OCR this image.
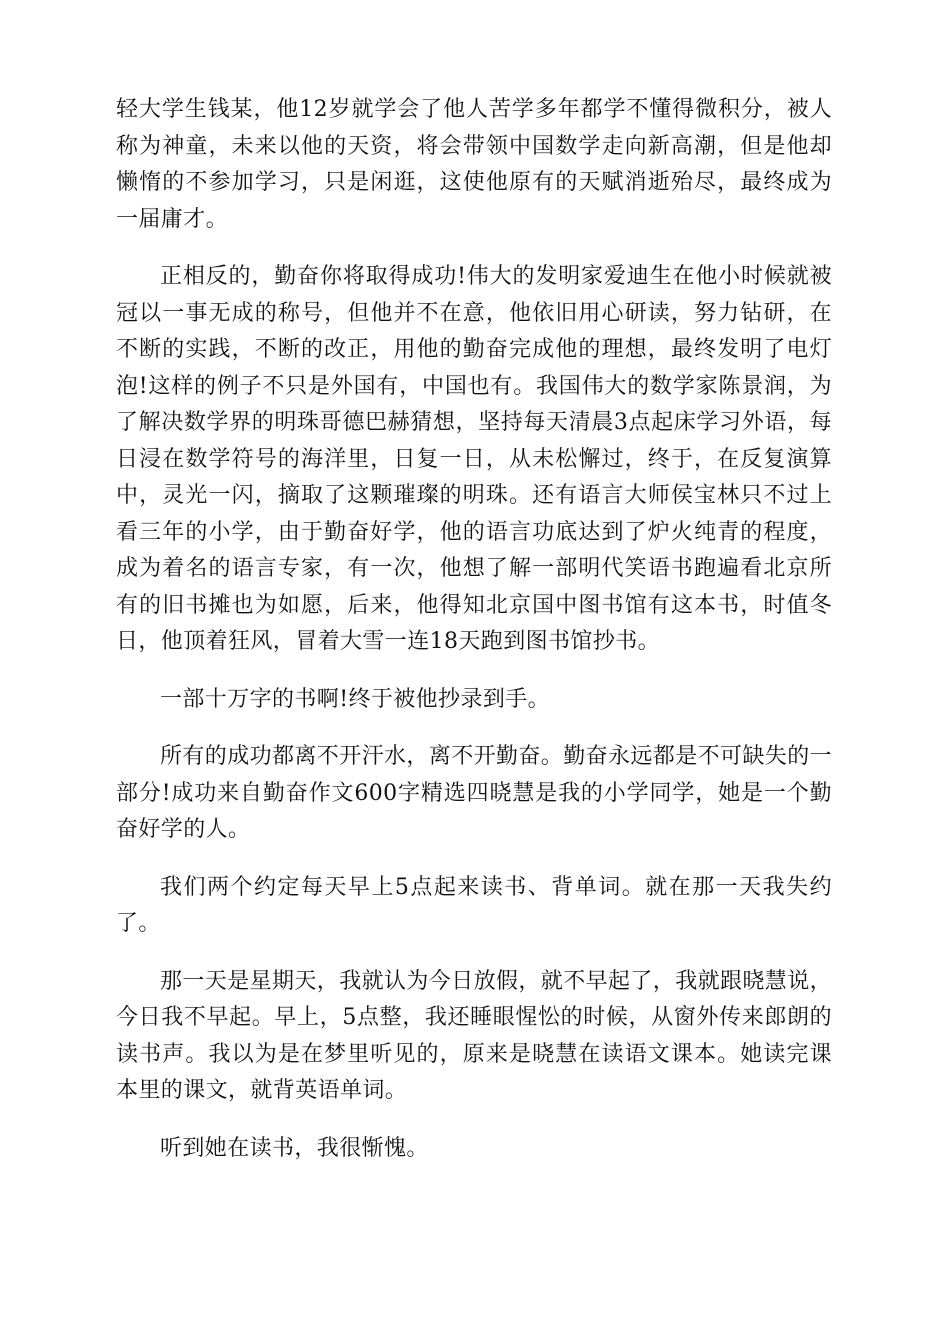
轻大学生钱某，他12岁就学会了他人苦学多年都学不懂得微积分，被人称为神童，未来以他的天资，将会带领中国数学走向新高潮，但是他却懒惰的不参加学习，只是闲逛，这使他原有的天赋消逝殆尽，最终成为一届庸才。

正相反的，勤奋你将取得成功!伟大的发明家爱迪生在他小时候就被冠以一事无成的称号，但他并不在意，他依旧用心研读，努力钻研，在不断的实践，不断的改正，用他的勤奋完成他的理想，最终发明了电灯泡!这样的例子不只是外国有，中国也有。我国伟大的数学家陈景润，为了解决数学界的明珠哥德巴赫猜想，坚持每天清晨3点起床学习外语，每日浸在数学符号的海洋里，日复一日，从未松懈过，终于，在反复演算中，灵光一闪，摘取了这颗璀璨的明珠。还有语言大师侯宝林只不过上看三年的小学，由于勤奋好学，他的语言功底达到了炉火纯青的程度，成为着名的语言专家，有一次，他想了解一部明代笑语书跑遍看北京所有的旧书摊也为如愿，后来，他得知北京国中图书馆有这本书，时值冬日，他顶着狂风，冒着大雪一连18天跑到图书馆抄书。

一部十万字的书啊!终于被他抄录到手。

所有的成功都离不开汗水，离不开勤奋。勤奋永远都是不可缺失的一部分!成功来自勤奋作文600字精选四晓慧是我的小学同学，她是一个勤奋好学的人。

我们两个约定每天早上5点起来读书、背单词。就在那一天我失约了。

那一天是星期天，我就认为今日放假，就不早起了，我就跟晓慧说，今日我不早起。早上，5点整，我还睡眼惺忪的时候，从窗外传来郎朗的读书声。我以为是在梦里听见的，原来是晓慧在读语文课本。她读完课本里的课文，就背英语单词。

听到她在读书，我很惭愧。
